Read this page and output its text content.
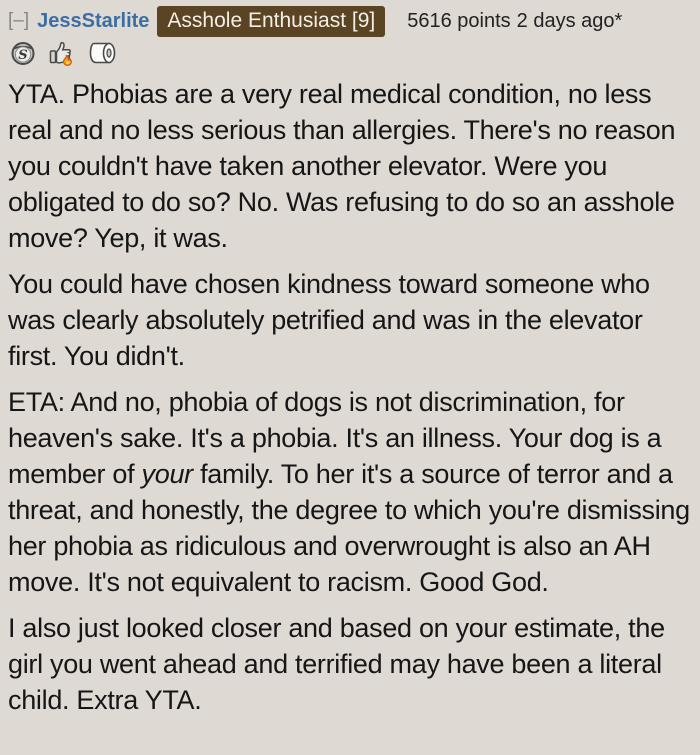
[–] JessStarlite Asshole Enthusiast [9]	5616 points 2 days ago*
S

YTA. Phobias are a very real medical condition, no less real and no less serious than allergies. There's no reason you couldn't have taken another elevator. Were you obligated to do so? No. Was refusing to do so an asshole move? Yep, it was.

You could have chosen kindness toward someone who was clearly absolutely petrified and was in the elevator first. You didn't.

ETA: And no, phobia of dogs is not discrimination, for heaven's sake. It's a phobia. It's an illness. Your dog is a member of your family. To her it's a source of terror and a threat, and honestly, the degree to which you're dismissing her phobia as ridiculous and overwrought is also an AH move. It's not equivalent to racism. Good God.

I also just looked closer and based on your estimate, the girl you went ahead and terrified may have been a literal child. Extra YTA.
